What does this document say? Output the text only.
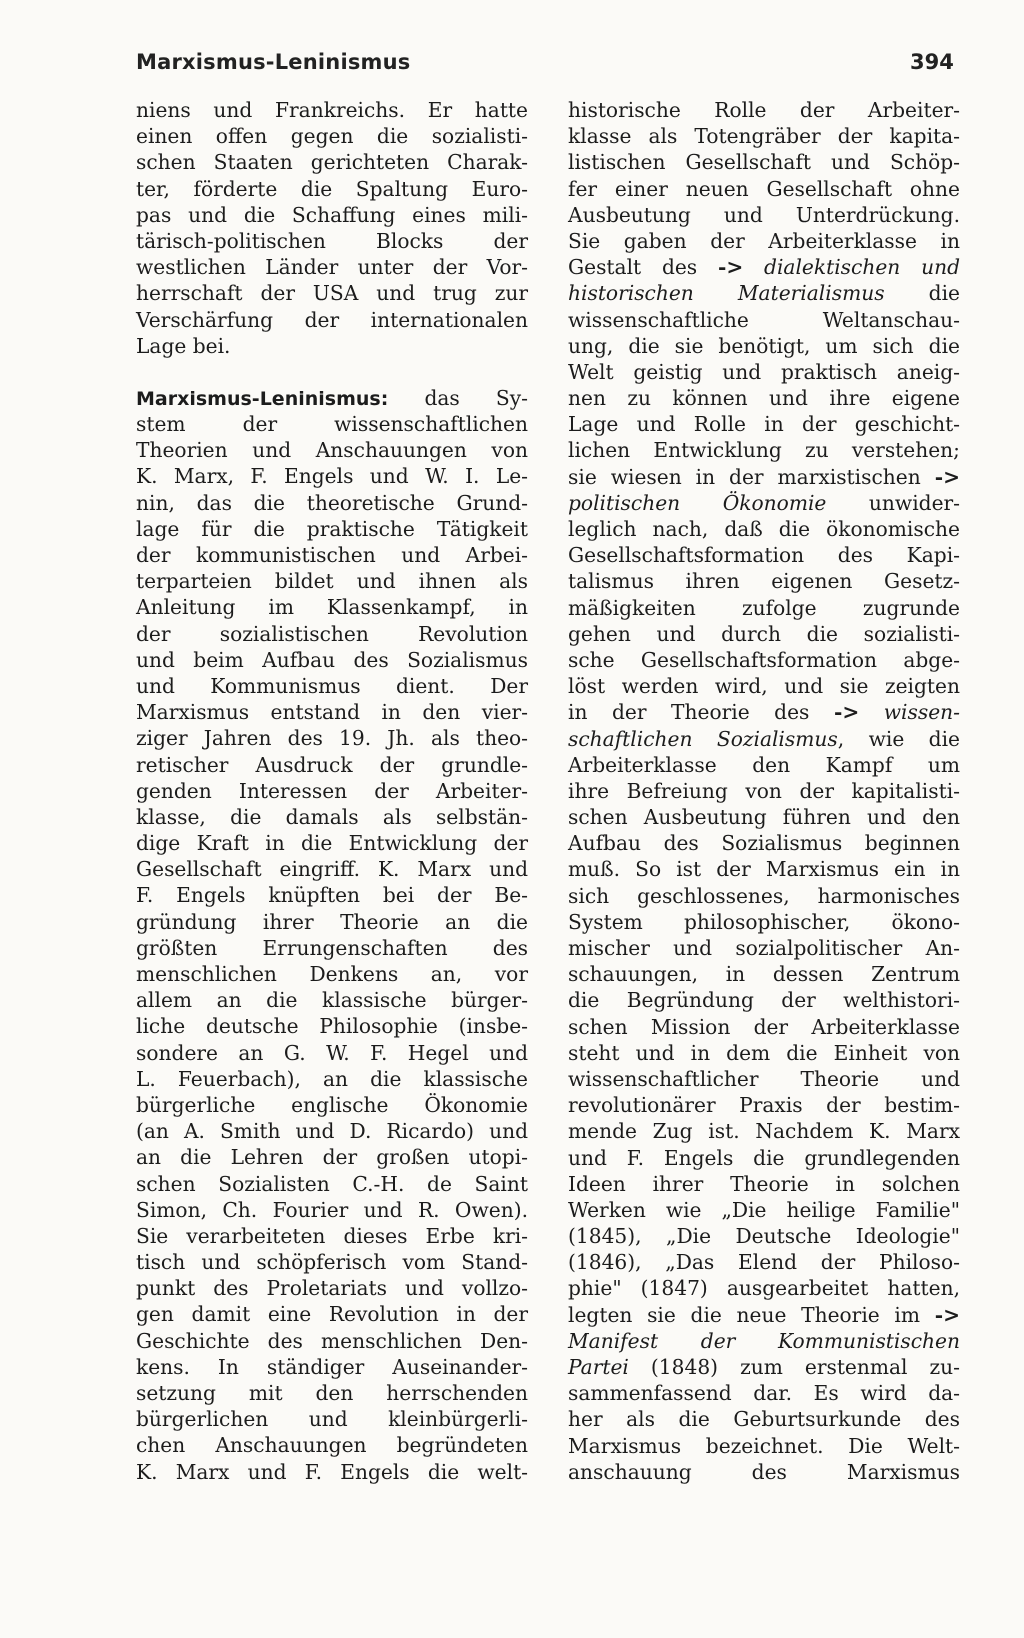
Marxismus-Leninismus	394
niens und Frankreichs. Er hatte
einen offen gegen die sozialisti-
schen Staaten gerichteten Charak-
ter, förderte die Spaltung Euro-
pas und die Schaffung eines mili-
tärisch-politischen Blocks der
westlichen Länder unter der Vor-
herrschaft der USA und trug zur
Verschärfung der internationalen
Lage bei.
Marxismus-Leninismus: das Sy-
stem der wissenschaftlichen
Theorien und Anschauungen von
K. Marx, F. Engels und W. I. Le-
nin, das die theoretische Grund-
lage für die praktische Tätigkeit
der kommunistischen und Arbei-
terparteien bildet und ihnen als
Anleitung im Klassenkampf, in
der sozialistischen Revolution
und beim Aufbau des Sozialismus
und Kommunismus dient. Der
Marxismus entstand in den vier-
ziger Jahren des 19. Jh. als theo-
retischer Ausdruck der grundle-
genden Interessen der Arbeiter-
klasse, die damals als selbstän-
dige Kraft in die Entwicklung der
Gesellschaft eingriff. K. Marx und
F. Engels knüpften bei der Be-
gründung ihrer Theorie an die
größten Errungenschaften des
menschlichen Denkens an, vor
allem an die klassische bürger-
liche deutsche Philosophie (insbe-
sondere an G. W. F. Hegel und
L. Feuerbach), an die klassische
bürgerliche englische Ökonomie
(an A. Smith und D. Ricardo) und
an die Lehren der großen utopi-
schen Sozialisten C.-H. de Saint
Simon, Ch. Fourier und R. Owen).
Sie verarbeiteten dieses Erbe kri-
tisch und schöpferisch vom Stand-
punkt des Proletariats und vollzo-
gen damit eine Revolution in der
Geschichte des menschlichen Den-
kens. In ständiger Auseinander-
setzung mit den herrschenden
bürgerlichen und kleinbürgerli-
chen Anschauungen begründeten
K. Marx und F. Engels die welt-
historische Rolle der Arbeiter-
klasse als Totengräber der kapita-
listischen Gesellschaft und Schöp-
fer einer neuen Gesellschaft ohne
Ausbeutung und Unterdrückung.
Sie gaben der Arbeiterklasse in
Gestalt des -> dialektischen und
historischen Materialismus die
wissenschaftliche Weltanschau-
ung, die sie benötigt, um sich die
Welt geistig und praktisch aneig-
nen zu können und ihre eigene
Lage und Rolle in der geschicht-
lichen Entwicklung zu verstehen;
sie wiesen in der marxistischen ->
politischen Ökonomie unwider-
leglich nach, daß die ökonomische
Gesellschaftsformation des Kapi-
talismus ihren eigenen Gesetz-
mäßigkeiten zufolge zugrunde
gehen und durch die sozialisti-
sche Gesellschaftsformation abge-
löst werden wird, und sie zeigten
in der Theorie des -> wissen-
schaftlichen Sozialismus, wie die
Arbeiterklasse den Kampf um
ihre Befreiung von der kapitalisti-
schen Ausbeutung führen und den
Aufbau des Sozialismus beginnen
muß. So ist der Marxismus ein in
sich geschlossenes, harmonisches
System philosophischer, ökono-
mischer und sozialpolitischer An-
schauungen, in dessen Zentrum
die Begründung der welthistori-
schen Mission der Arbeiterklasse
steht und in dem die Einheit von
wissenschaftlicher Theorie und
revolutionärer Praxis der bestim-
mende Zug ist. Nachdem K. Marx
und F. Engels die grundlegenden
Ideen ihrer Theorie in solchen
Werken wie „Die heilige Familie"
(1845), „Die Deutsche Ideologie"
(1846), „Das Elend der Philoso-
phie" (1847) ausgearbeitet hatten,
legten sie die neue Theorie im ->
Manifest der Kommunistischen
Partei (1848) zum erstenmal zu-
sammenfassend dar. Es wird da-
her als die Geburtsurkunde des
Marxismus bezeichnet. Die Welt-
anschauung des Marxismus
